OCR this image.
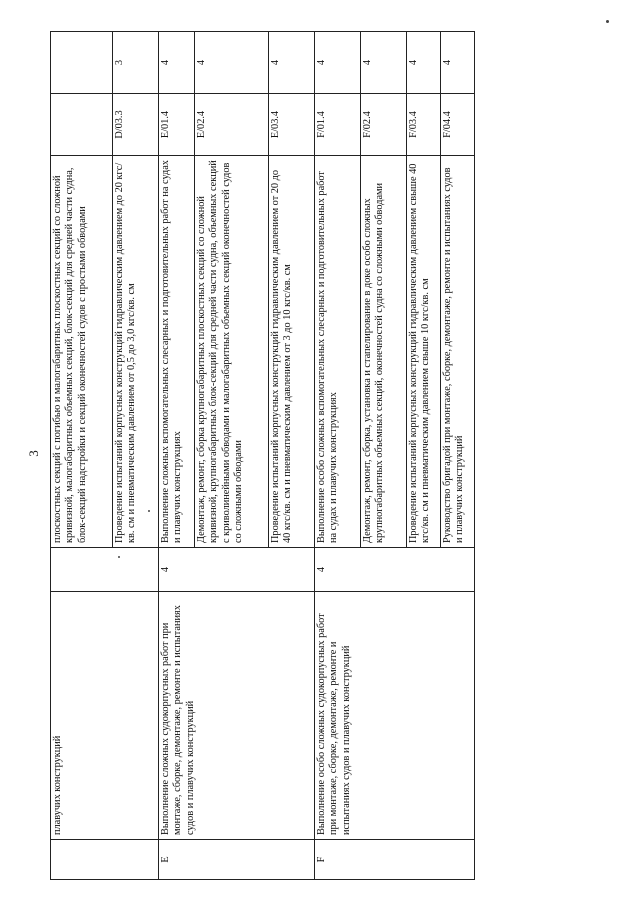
3
	плавучих конструкций		плоскостных секций с погибью и малогабаритных плоскостных секций со сложной кривизной, малогабаритных объемных секций, блок-секций для средней части судна, блок-секций надстройки и секций оконечностей судов с простыми обводами		
			Проведение испытаний корпусных конструкций гидравлическим давлением до 20 кгс/кв. см и пневматическим давлением от 0,5 до 3,0 кгс/кв. см	D/03.3	3
E	Выполнение сложных судокорпусных работ при монтаже, сборке, демонтаже, ремонте и испытаниях судов и плавучих конструкций	4	Выполнение сложных вспомогательных слесарных и подготовительных работ на судах и плавучих конструкциях	E/01.4	4
			Демонтаж, ремонт, сборка крупногабаритных плоскостных секций со сложной кривизной, крупногабаритных блок-секций для средней части судна, объемных секций с криволинейными обводами и малогабаритных объемных секций оконечностей судов со сложными обводами	E/02.4	4
			Проведение испытаний корпусных конструкций гидравлическим давлением от 20 до 40 кгс/кв. см и пневматическим давлением от 3 до 10 кгс/кв. см	E/03.4	4
F	Выполнение особо сложных судокорпусных работ при монтаже, сборке, демонтаже, ремонте и испытаниях судов и плавучих конструкций	4	Выполнение особо сложных вспомогательных слесарных и подготовительных работ на судах и плавучих конструкциях	F/01.4	4
			Демонтаж, ремонт, сборка, установка и стапелирование в доке особо сложных крупногабаритных объемных секций, оконечностей судна со сложными обводами	F/02.4	4
			Проведение испытаний корпусных конструкций гидравлическим давлением свыше 40 кгс/кв. см и пневматическим давлением свыше 10 кгс/кв. см	F/03.4	4
			Руководство бригадой при монтаже, сборке, демонтаже, ремонте и испытаниях судов и плавучих конструкций	F/04.4	4
